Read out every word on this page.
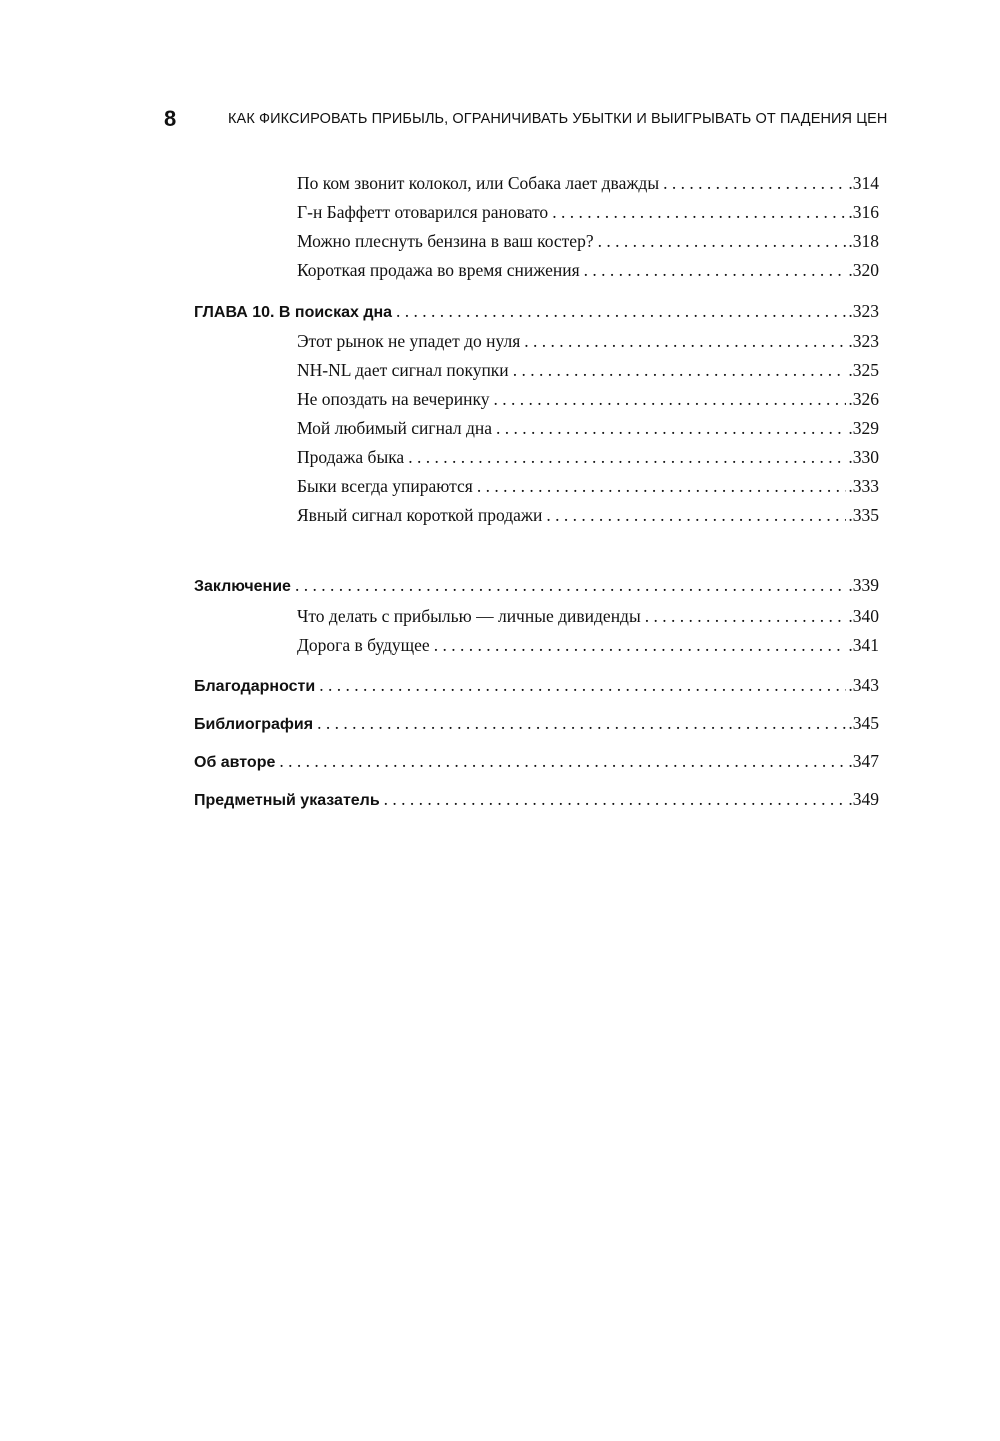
8	КАК ФИКСИРОВАТЬ ПРИБЫЛЬ, ОГРАНИЧИВАТЬ УБЫТКИ И ВЫИГРЫВАТЬ ОТ ПАДЕНИЯ ЦЕН
По ком звонит колокол, или Собака лает дважды . . .	.314
Г-н Баффетт отоварился рановато . . .	.316
Можно плеснуть бензина в ваш костер? . . .	.318
Короткая продажа во время снижения . . .	.320
ГЛАВА 10. В поисках дна . . .	.323
Этот рынок не упадет до нуля . . .	.323
NH-NL дает сигнал покупки . . .	.325
Не опоздать на вечеринку . . .	.326
Мой любимый сигнал дна . . .	.329
Продажа быка . . .	.330
Быки всегда упираются . . .	.333
Явный сигнал короткой продажи . . .	.335
Заключение . . .	.339
Что делать с прибылью — личные дивиденды . . .	.340
Дорога в будущее . . .	.341
Благодарности . . .	.343
Библиография . . .	.345
Об авторе . . .	.347
Предметный указатель . . .	.349
